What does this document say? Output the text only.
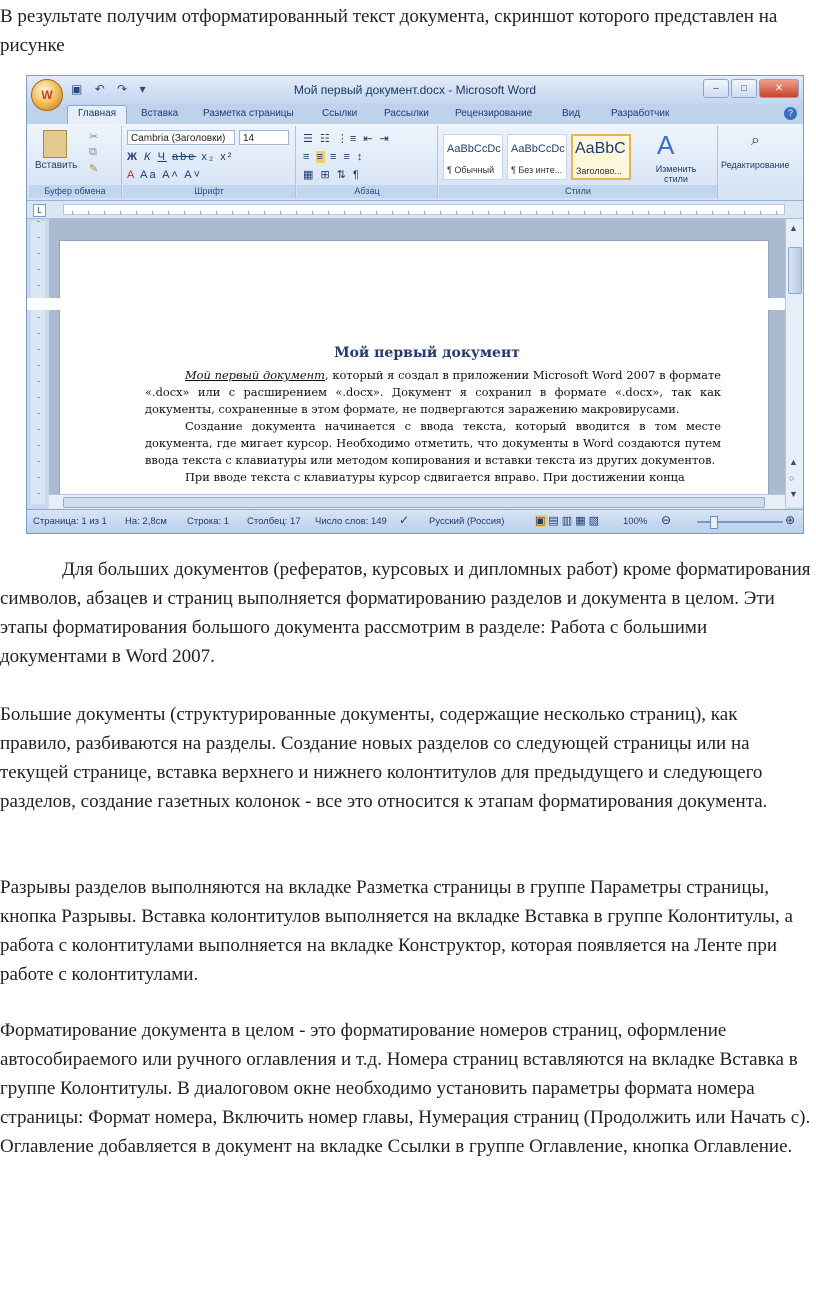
В результате получим отформатированный текст документа, скриншот которого представлен на рисунке

▣ ↶ ↷ ▾	Мой первый документ.docx - Microsoft Word	–	□	✕
W
Главная	Вставка Разметка страницы	Ссылки	Рассылки	Рецензирование	Вид	Разработчик	?
Вставить
✂
⧉
✎
Буфер обмена
Cambria (Заголовки)	14
Ж К Ч abe x₂ x²
A Aa A˄ A˅
Шрифт
☰ ☷ ⋮≡ ⇤ ⇥
≡ ≡ ≡ ≡ ↕
▦ ⊞ ⇅ ¶
Абзац
AaBbCcDc
¶ Обычный
AaBbCcDc
¶ Без инте...
AaBbC
Заголово...
A
Изменить стили
Стили
⌕
Редактирование
L
Мой первый документ

Мой первый документ, который я создал в приложении Microsoft Word 2007 в формате «.docx» или с расширением «.docx». Документ я сохранил в формате «.docx», так как документы, сохраненные в этом формате, не подвергаются заражению макровирусами.

Создание документа начинается с ввода текста, который вводится в том месте документа, где мигает курсор. Необходимо отметить, что документы в Word создаются путем ввода текста с клавиатуры или методом копирования и вставки текста из других документов.

При вводе текста с клавиатуры курсор сдвигается вправо. При достижении конца

▲
▲
○
▼
Страница: 1 из 1 На: 2,8см Строка: 1 Столбец: 17 Число слов: 149 ✓ Русский (Россия)	▣▤▥▦▧ 100% ⊖	⊕

Для больших документов (рефератов, курсовых и дипломных работ) кроме форматирования символов, абзацев и страниц выполняется форматированию разделов и документа в целом. Эти этапы форматирования большого документа рассмотрим в разделе: Работа с большими документами в Word 2007.

Большие документы (структурированные документы, содержащие несколько страниц), как правило, разбиваются на разделы. Создание новых разделов со следующей страницы или на текущей странице, вставка верхнего и нижнего колонтитулов для предыдущего и следующего разделов, создание газетных колонок - все это относится к этапам форматирования документа.

Разрывы разделов выполняются на вкладке Разметка страницы в группе Параметры страницы, кнопка Разрывы. Вставка колонтитулов выполняется на вкладке Вставка в группе Колонтитулы, а работа с колонтитулами выполняется на вкладке Конструктор, которая появляется на Ленте при работе с колонтитулами.

Форматирование документа в целом - это форматирование номеров страниц, оформление автособираемого или ручного оглавления и т.д. Номера страниц вставляются на вкладке Вставка в группе Колонтитулы. В диалоговом окне необходимо установить параметры формата номера страницы: Формат номера, Включить номер главы, Нумерация страниц (Продолжить или Начать с). Оглавление добавляется в документ на вкладке Ссылки в группе Оглавление, кнопка Оглавление.
